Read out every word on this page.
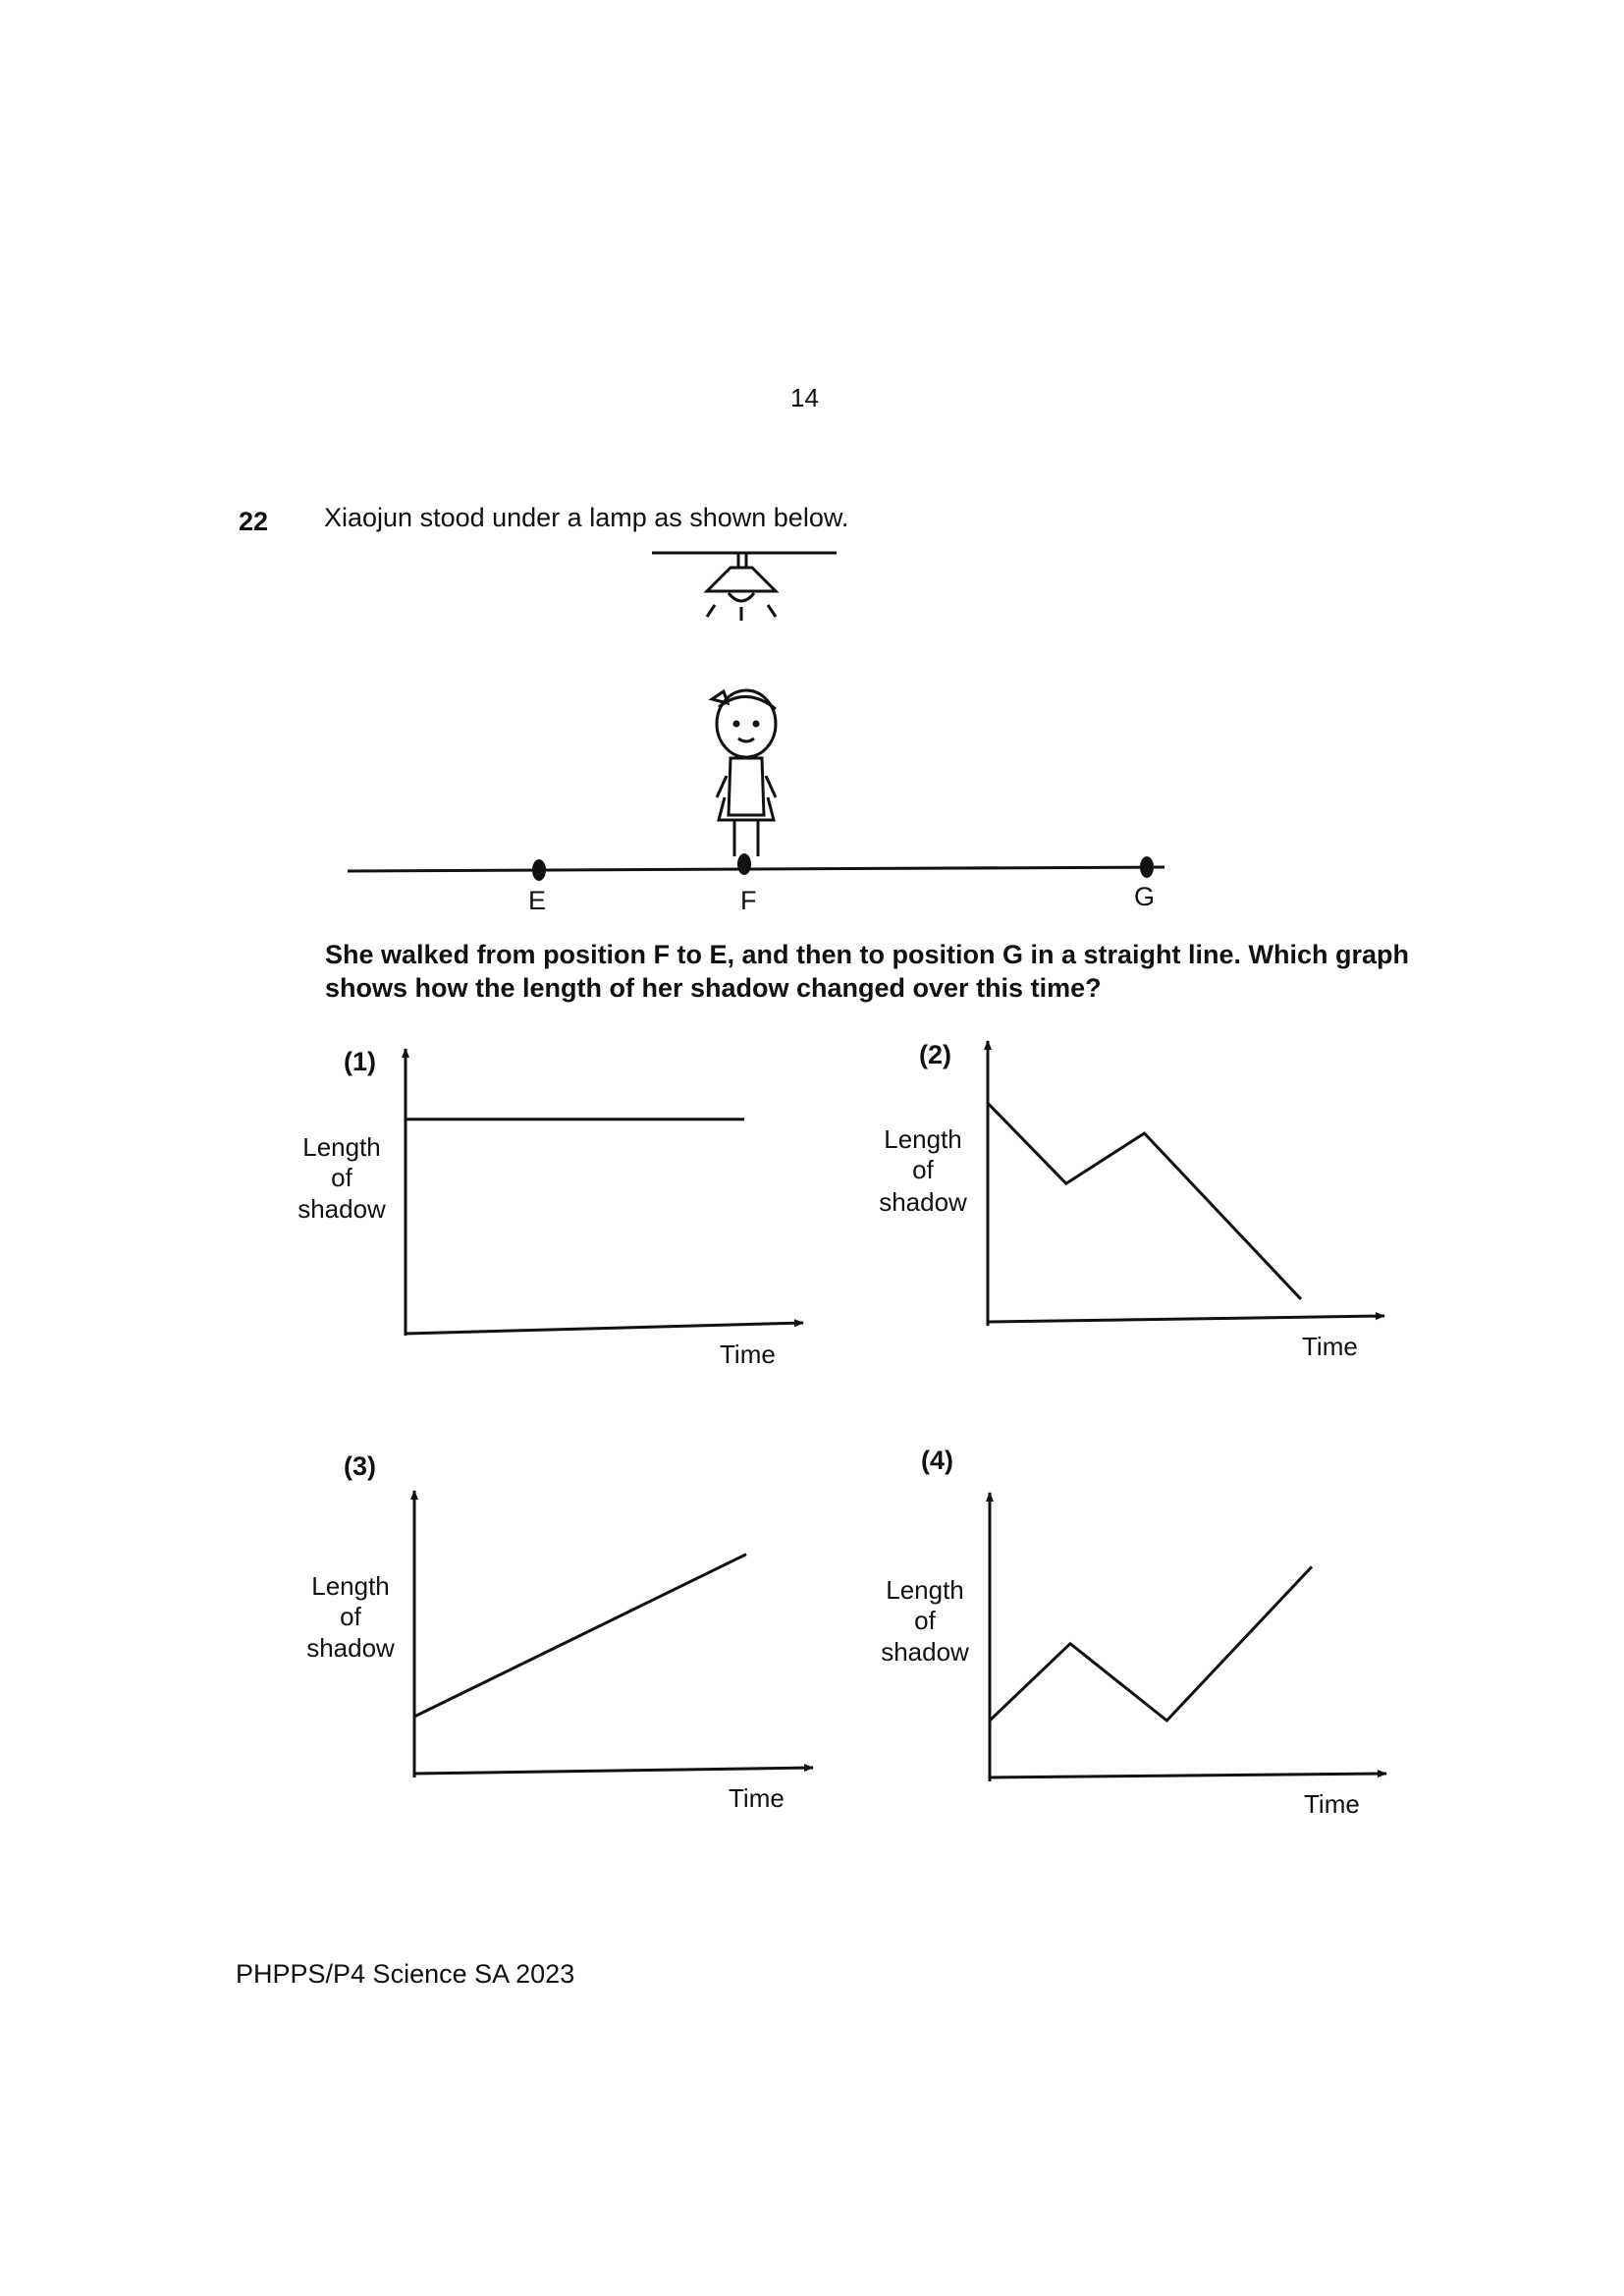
14
22 Xiaojun stood under a lamp as shown below.
E	F	G
(1)
Length
of
shadow
Time
(2)
Length
of
shadow
Time
(3)
Length
of
shadow
Time
(4)
Length
of
shadow
Time
She walked from position F to E, and then to position G in a straight line. Which graph shows how the length of her shadow changed over this time?
PHPPS/P4 Science SA 2023
